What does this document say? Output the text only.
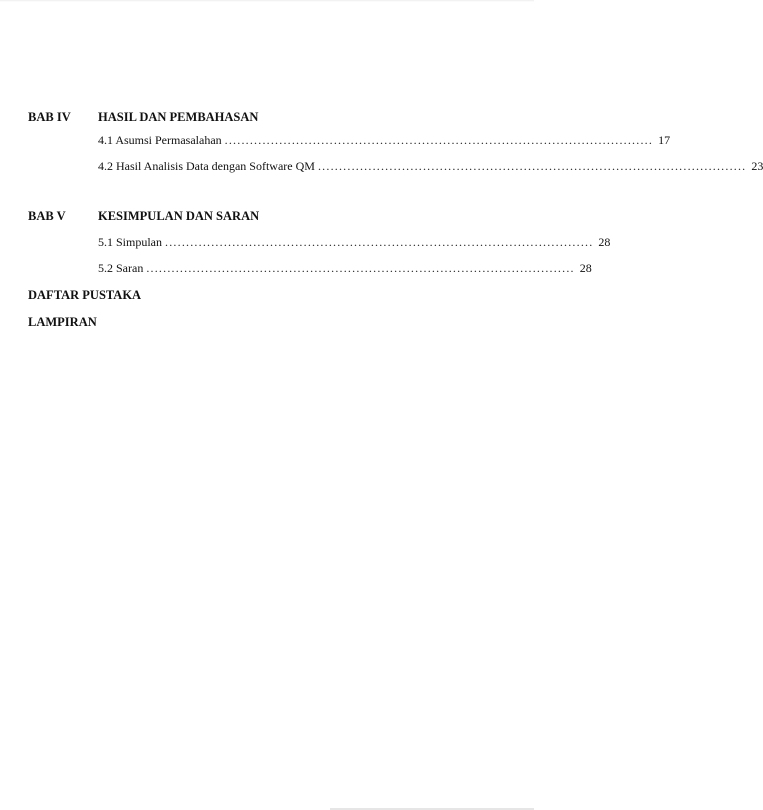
BAB IV HASIL DAN PEMBAHASAN
4.1 Asumsi Permasalahan ...................................................................................................... 17
4.2 Hasil Analisis Data dengan Software QM ...................................................................................................... 23
BAB V	KESIMPULAN DAN SARAN
5.1 Simpulan ...................................................................................................... 28
5.2 Saran ...................................................................................................... 28
DAFTAR PUSTAKA
LAMPIRAN
